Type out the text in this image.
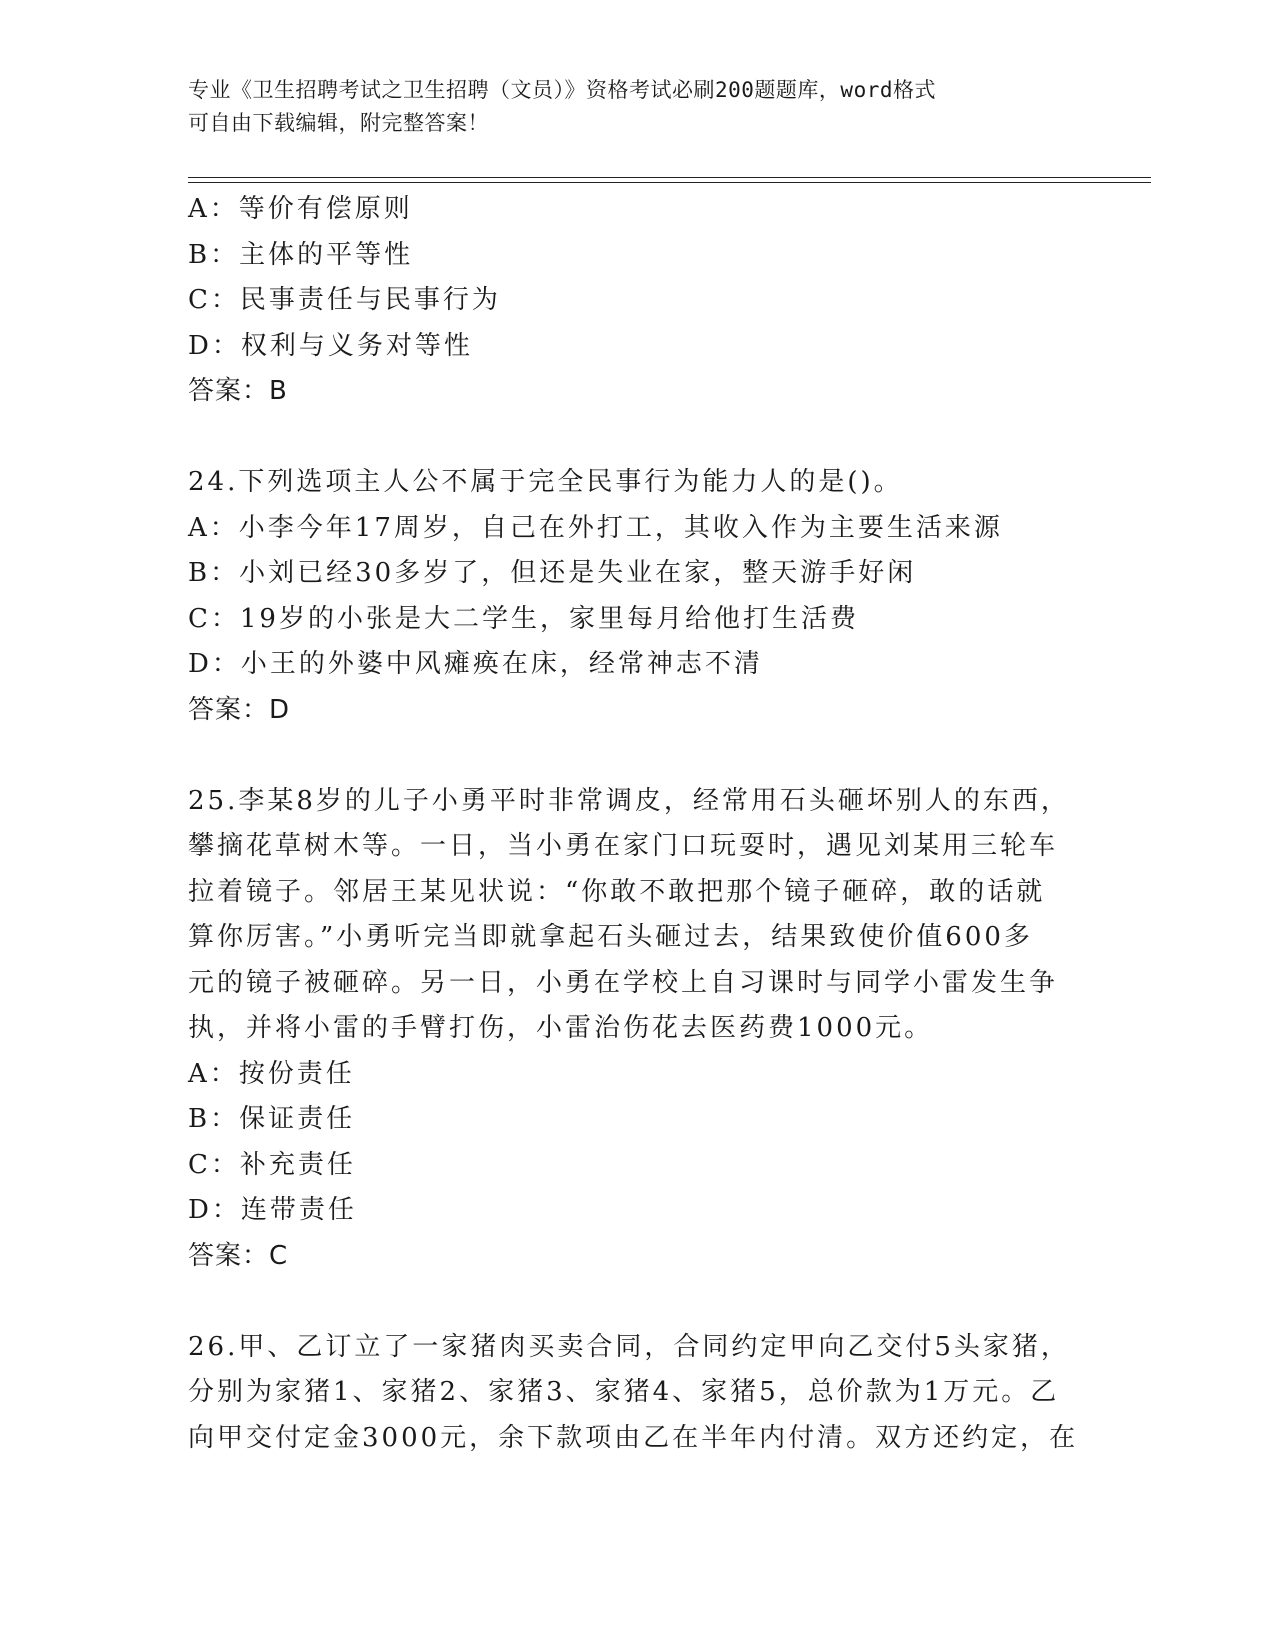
专业《卫生招聘考试之卫生招聘（文员）》资格考试必刷200题题库，word格式
可自由下载编辑，附完整答案！
A：等价有偿原则
B：主体的平等性
C：民事责任与民事行为
D：权利与义务对等性
答案：B
24.下列选项主人公不属于完全民事行为能力人的是()。
A：小李今年17周岁，自己在外打工，其收入作为主要生活来源
B：小刘已经30多岁了，但还是失业在家，整天游手好闲
C：19岁的小张是大二学生，家里每月给他打生活费
D：小王的外婆中风瘫痪在床，经常神志不清
答案：D
25.李某8岁的儿子小勇平时非常调皮，经常用石头砸坏别人的东西，
攀摘花草树木等。一日，当小勇在家门口玩耍时，遇见刘某用三轮车
拉着镜子。邻居王某见状说：“你敢不敢把那个镜子砸碎，敢的话就
算你厉害。”小勇听完当即就拿起石头砸过去，结果致使价值600多
元的镜子被砸碎。另一日，小勇在学校上自习课时与同学小雷发生争
执，并将小雷的手臂打伤，小雷治伤花去医药费1000元。
A：按份责任
B：保证责任
C：补充责任
D：连带责任
答案：C
26.甲、乙订立了一家猪肉买卖合同，合同约定甲向乙交付5头家猪，
分别为家猪1、家猪2、家猪3、家猪4、家猪5，总价款为1万元。乙
向甲交付定金3000元，余下款项由乙在半年内付清。双方还约定，在
